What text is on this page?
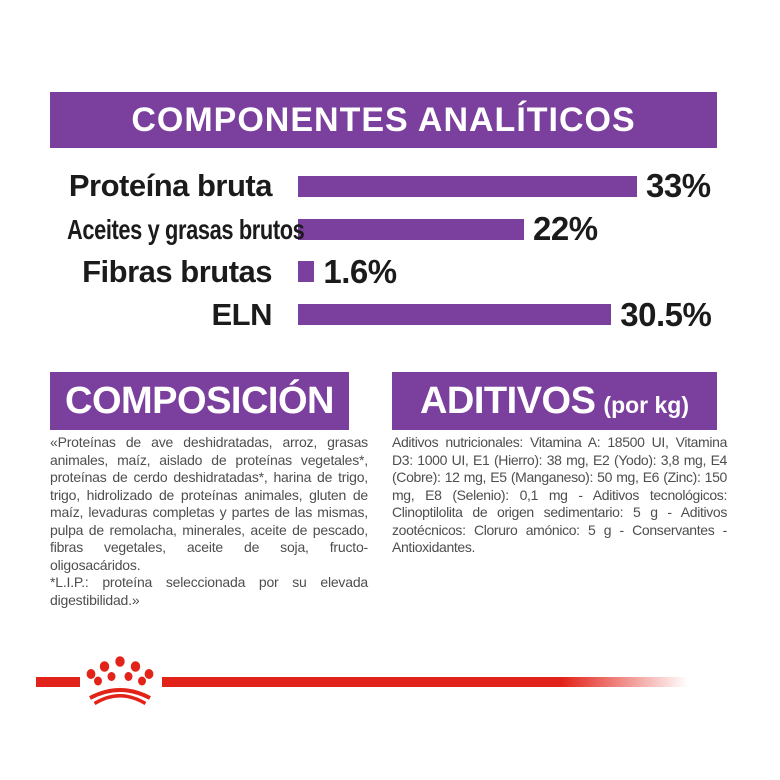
COMPONENTES ANALÍTICOS
Proteína bruta	33%
Aceites y grasas brutos	22%
Fibras brutas 1.6%
ELN	30.5%
COMPOSICIÓN

«Proteínas de ave deshidratadas, arroz, grasas animales, maíz, aislado de proteínas vegetales*, proteínas de cerdo deshidratadas*, harina de trigo, trigo, hidrolizado de proteínas animales, gluten de maíz, levaduras completas y partes de las mismas, pulpa de remolacha, minerales, aceite de pescado, fibras vegetales, aceite de soja, fructo-oligosacáridos.

*L.I.P.: proteína seleccionada por su elevada digestibilidad.»

ADITIVOS (por kg)

Aditivos nutricionales: Vitamina A: 18500 UI, Vitamina D3: 1000 UI, E1 (Hierro): 38 mg, E2 (Yodo): 3,8 mg, E4 (Cobre): 12 mg, E5 (Manganeso): 50 mg, E6 (Zinc): 150 mg, E8 (Selenio): 0,1 mg - Aditivos tecnológicos: Clinoptilolita de origen sedimentario: 5 g - Aditivos zootécnicos: Cloruro amónico: 5 g - Conservantes - Antioxidantes.
